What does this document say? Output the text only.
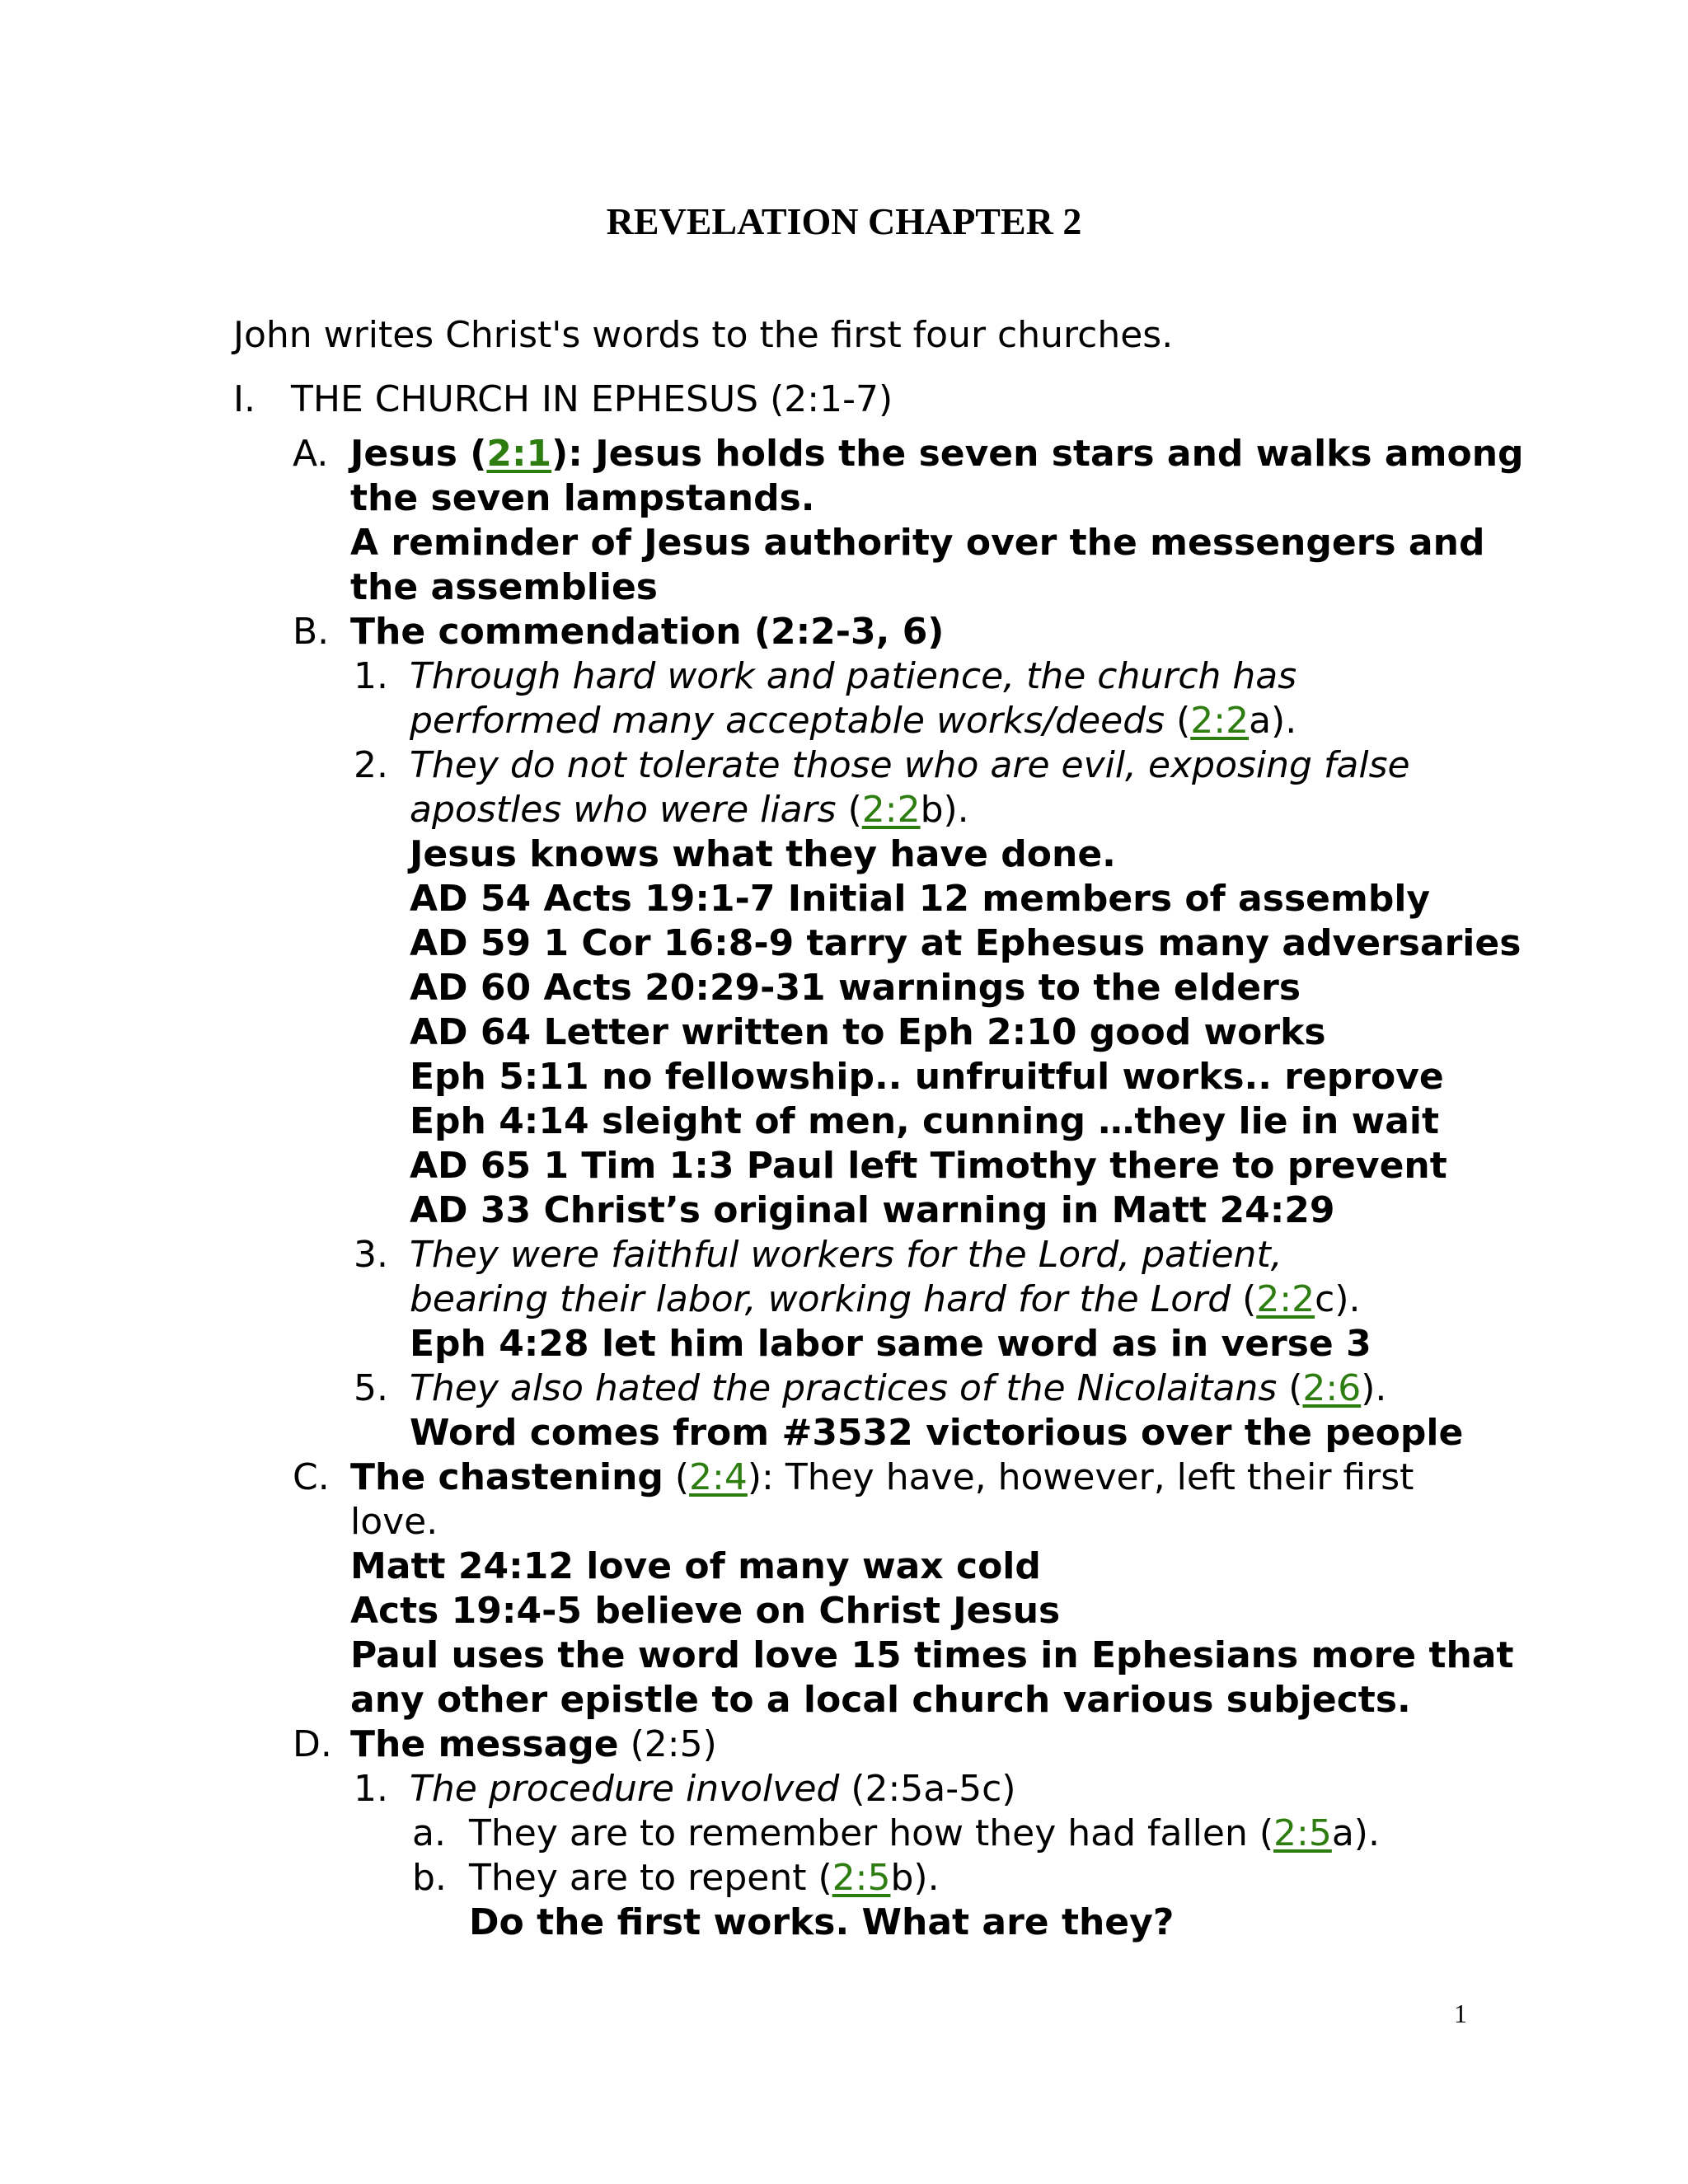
REVELATION CHAPTER 2
John writes Christ's words to the first four churches.
I. THE CHURCH IN EPHESUS (2:1-7)
A. Jesus (2:1): Jesus holds the seven stars and walks among
the seven lampstands.
A reminder of Jesus authority over the messengers and
the assemblies
B. The commendation (2:2-3, 6)
1. Through hard work and patience, the church has
performed many acceptable works/deeds (2:2a).
2. They do not tolerate those who are evil, exposing false
apostles who were liars (2:2b).
Jesus knows what they have done.
AD 54 Acts 19:1-7 Initial 12 members of assembly
AD 59 1 Cor 16:8-9 tarry at Ephesus many adversaries
AD 60 Acts 20:29-31 warnings to the elders
AD 64 Letter written to Eph 2:10 good works
Eph 5:11 no fellowship.. unfruitful works.. reprove
Eph 4:14 sleight of men, cunning …they lie in wait
AD 65 1 Tim 1:3 Paul left Timothy there to prevent
AD 33 Christ’s original warning in Matt 24:29
3. They were faithful workers for the Lord, patient,
bearing their labor, working hard for the Lord (2:2c).
Eph 4:28 let him labor same word as in verse 3
5. They also hated the practices of the Nicolaitans (2:6).
Word comes from #3532 victorious over the people
C. The chastening (2:4): They have, however, left their first
love.
Matt 24:12 love of many wax cold
Acts 19:4-5 believe on Christ Jesus
Paul uses the word love 15 times in Ephesians more that
any other epistle to a local church various subjects.
D. The message (2:5)
1. The procedure involved (2:5a-5c)
a. They are to remember how they had fallen (2:5a).
b. They are to repent (2:5b).
Do the first works. What are they?
1
